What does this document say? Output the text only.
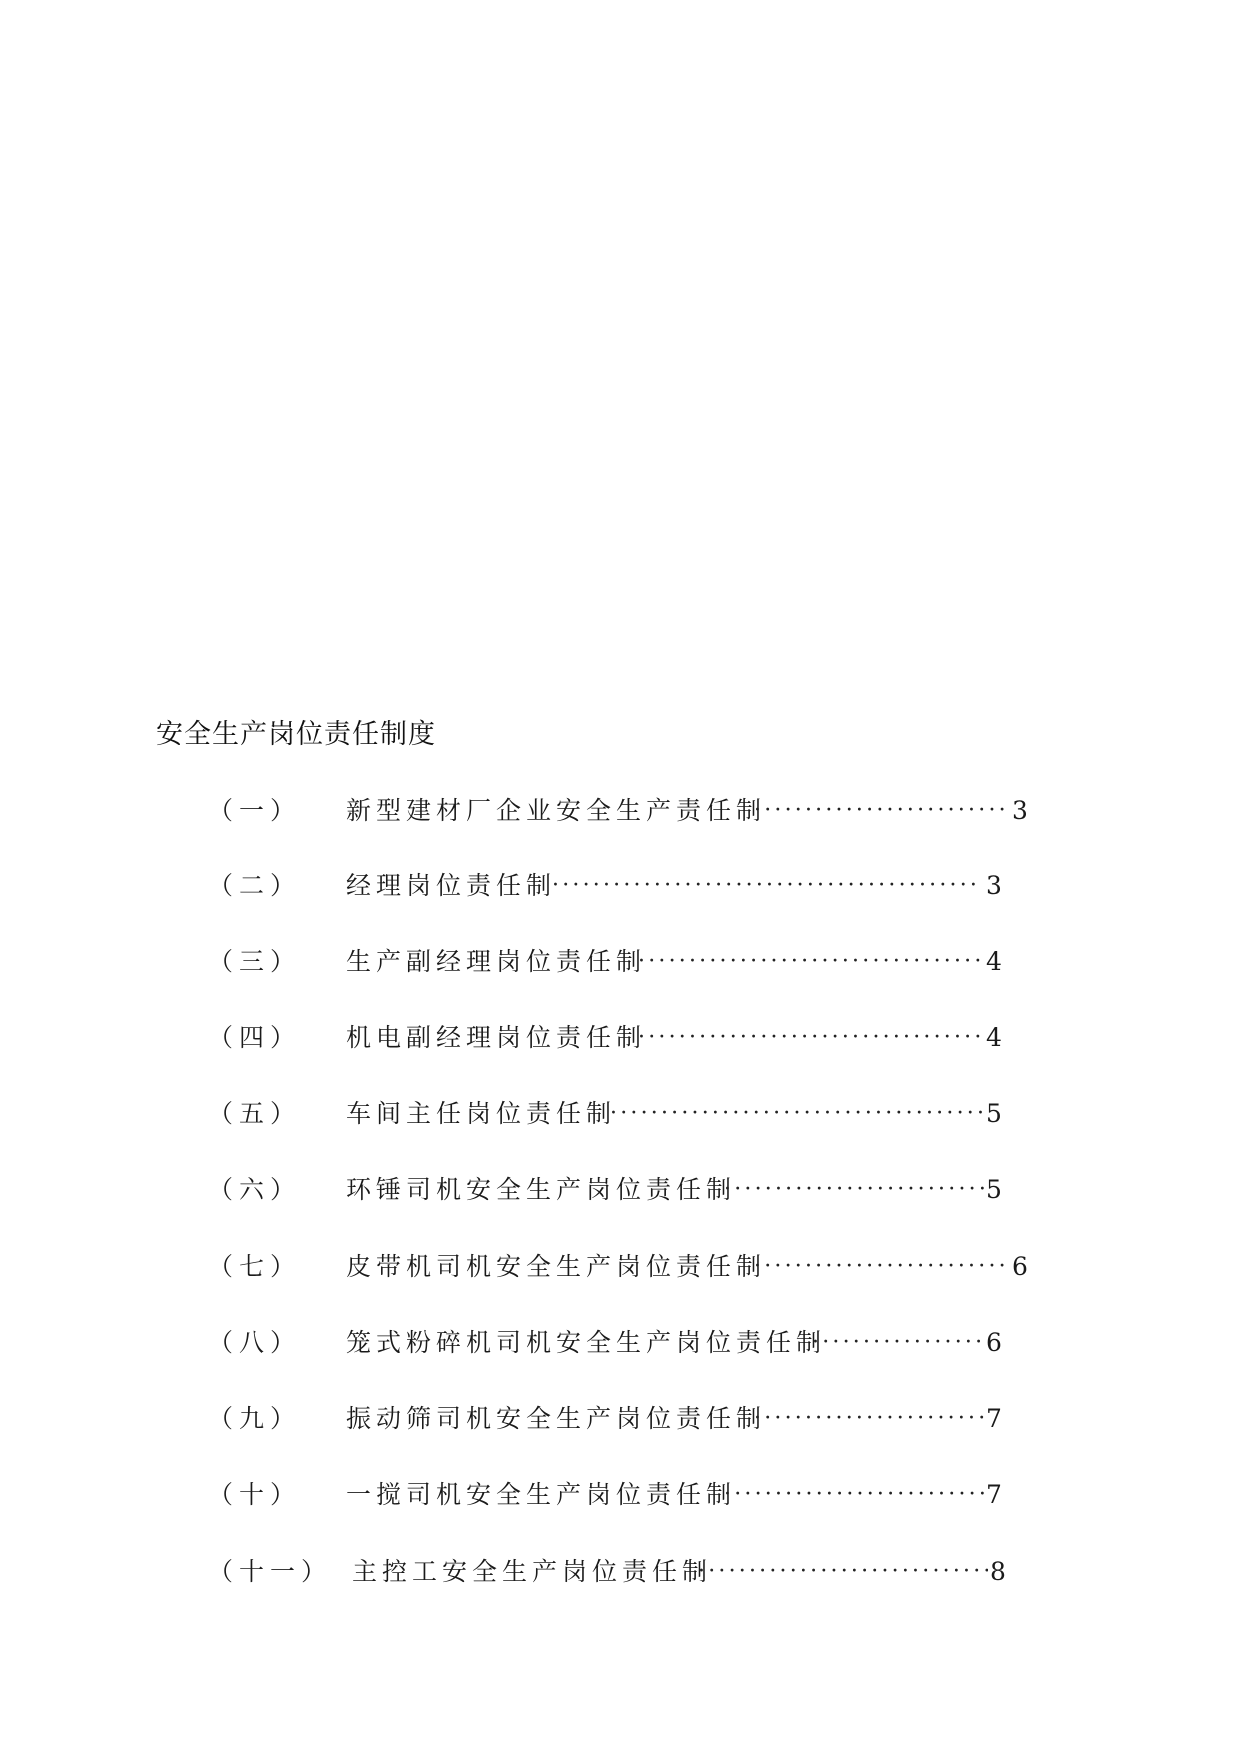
安全生产岗位责任制度
（一） 新型建材厂企业安全生产责任制 ·····	3
（二） 经理岗位责任制 ·····	3
（三） 生产副经理岗位责任制 ·····	4
（四） 机电副经理岗位责任制 ·····	4
（五） 车间主任岗位责任制 ·····	5
（六） 环锤司机安全生产岗位责任制 ·····	5
（七） 皮带机司机安全生产岗位责任制 ·····	6
（八） 笼式粉碎机司机安全生产岗位责任制 ·····	6
（九） 振动筛司机安全生产岗位责任制 ·····	7
（十） 一搅司机安全生产岗位责任制 ·····	7
（十一） 主控工安全生产岗位责任制 ·····	8
